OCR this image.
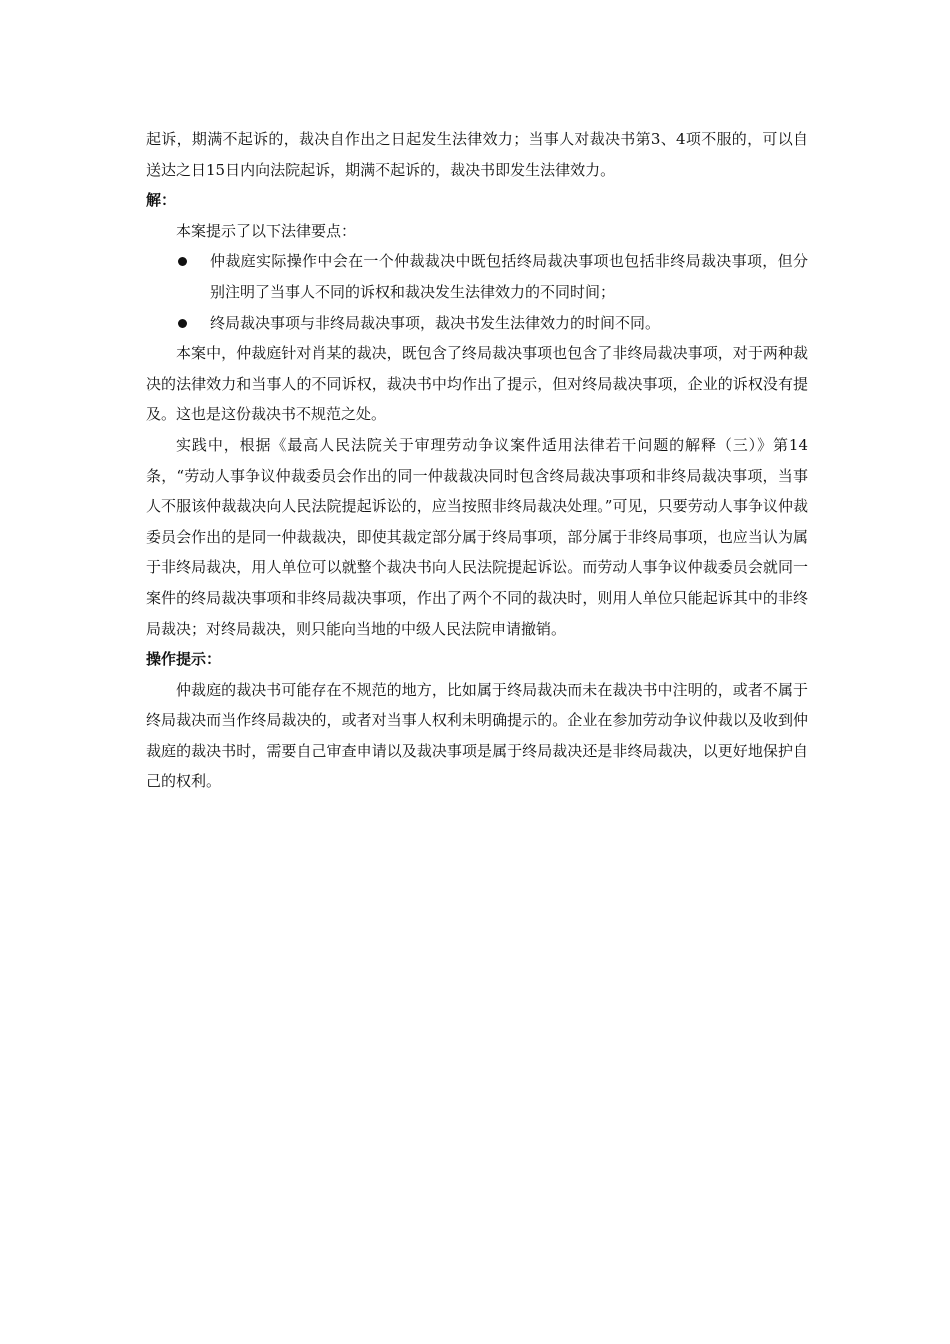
起诉，期满不起诉的，裁决自作出之日起发生法律效力；当事人对裁决书第3、4项不服的，可以自送达之日15日内向法院起诉，期满不起诉的，裁决书即发生法律效力。

解：

本案提示了以下法律要点：

仲裁庭实际操作中会在一个仲裁裁决中既包括终局裁决事项也包括非终局裁决事项，但分别注明了当事人不同的诉权和裁决发生法律效力的不同时间；

终局裁决事项与非终局裁决事项，裁决书发生法律效力的时间不同。

本案中，仲裁庭针对肖某的裁决，既包含了终局裁决事项也包含了非终局裁决事项，对于两种裁决的法律效力和当事人的不同诉权，裁决书中均作出了提示，但对终局裁决事项，企业的诉权没有提及。这也是这份裁决书不规范之处。

实践中，根据《最高人民法院关于审理劳动争议案件适用法律若干问题的解释（三）》第14条，“劳动人事争议仲裁委员会作出的同一仲裁裁决同时包含终局裁决事项和非终局裁决事项，当事人不服该仲裁裁决向人民法院提起诉讼的，应当按照非终局裁决处理。”可见，只要劳动人事争议仲裁委员会作出的是同一仲裁裁决，即使其裁定部分属于终局事项，部分属于非终局事项，也应当认为属于非终局裁决，用人单位可以就整个裁决书向人民法院提起诉讼。而劳动人事争议仲裁委员会就同一案件的终局裁决事项和非终局裁决事项，作出了两个不同的裁决时，则用人单位只能起诉其中的非终局裁决；对终局裁决，则只能向当地的中级人民法院申请撤销。

操作提示：

仲裁庭的裁决书可能存在不规范的地方，比如属于终局裁决而未在裁决书中注明的，或者不属于终局裁决而当作终局裁决的，或者对当事人权利未明确提示的。企业在参加劳动争议仲裁以及收到仲裁庭的裁决书时，需要自己审查申请以及裁决事项是属于终局裁决还是非终局裁决，以更好地保护自己的权利。
